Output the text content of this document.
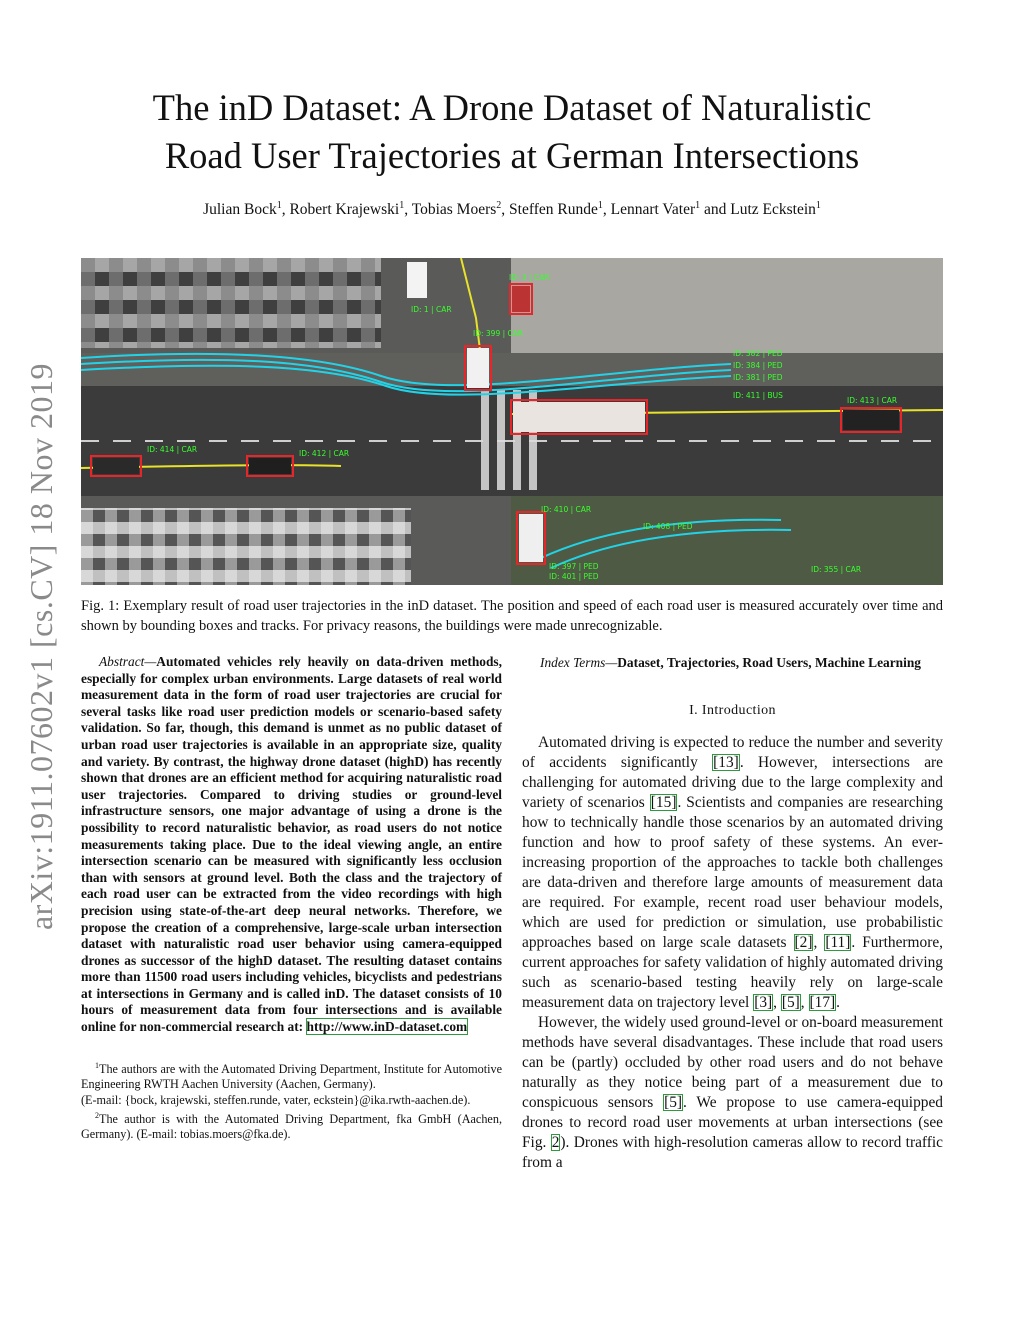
arXiv:1911.07602v1 [cs.CV] 18 Nov 2019
The inD Dataset: A Drone Dataset of Naturalistic
Road User Trajectories at German Intersections
Julian Bock$^1$, Robert Krajewski$^1$, Tobias Moers$^2$, Steffen Runde$^1$, Lennart Vater$^1$ and Lutz Eckstein$^1$
ID: 1 | CAR
ID: 3 | CAR
ID: 399 | CAR
ID: 382 | PED
ID: 384 | PED
ID: 381 | PED
ID: 411 | BUS
ID: 413 | CAR
ID: 414 | CAR	ID: 412 | CAR
ID: 410 | CAR
ID: 408 | PED
ID: 397 | PED
ID: 401 | PED
ID: 355 | CAR
Fig. 1: Exemplary result of road user trajectories in the inD dataset. The position and speed of each road user is measured accurately over time and shown by bounding boxes and tracks. For privacy reasons, the buildings were made unrecognizable.

Abstract—Automated vehicles rely heavily on data-driven methods, especially for complex urban environments. Large datasets of real world measurement data in the form of road user trajectories are crucial for several tasks like road user prediction models or scenario-based safety validation. So far, though, this demand is unmet as no public dataset of urban road user trajectories is available in an appropriate size, quality and variety. By contrast, the highway drone dataset (highD) has recently shown that drones are an efficient method for acquiring naturalistic road user trajectories. Compared to driving studies or ground-level infrastructure sensors, one major advantage of using a drone is the possibility to record naturalistic behavior, as road users do not notice measurements taking place. Due to the ideal viewing angle, an entire intersection scenario can be measured with significantly less occlusion than with sensors at ground level. Both the class and the trajectory of each road user can be extracted from the video recordings with high precision using state-of-the-art deep neural networks. Therefore, we propose the creation of a comprehensive, large-scale urban intersection dataset with naturalistic road user behavior using camera-equipped drones as successor of the highD dataset. The resulting dataset contains more than 11500 road users including vehicles, bicyclists and pedestrians at intersections in Germany and is called inD. The dataset consists of 10 hours of measurement data from four intersections and is available online for non-commercial research at: http://www.inD-dataset.com

$^1$The authors are with the Automated Driving Department, Institute for Automotive Engineering RWTH Aachen University (Aachen, Germany).

(E-mail: {bock, krajewski, steffen.runde, vater, eckstein}@ika.rwth-aachen.de).

$^2$The author is with the Automated Driving Department, fka GmbH (Aachen, Germany). (E-mail: tobias.moers@fka.de).

Index Terms—Dataset, Trajectories, Road Users, Machine Learning

I. Introduction

Automated driving is expected to reduce the number and severity of accidents significantly [13]. However, intersections are challenging for automated driving due to the large complexity and variety of scenarios [15]. Scientists and companies are researching how to technically handle those scenarios by an automated driving function and how to proof safety of these systems. An ever-increasing proportion of the approaches to tackle both challenges are data-driven and therefore large amounts of measurement data are required. For example, recent road user behaviour models, which are used for prediction or simulation, use probabilistic approaches based on large scale datasets [2], [11]. Furthermore, current approaches for safety validation of highly automated driving such as scenario-based testing heavily rely on large-scale measurement data on trajectory level [3], [5], [17].

However, the widely used ground-level or on-board measurement methods have several disadvantages. These include that road users can be (partly) occluded by other road users and do not behave naturally as they notice being part of a measurement due to conspicuous sensors [5]. We propose to use camera-equipped drones to record road user movements at urban intersections (see Fig. 2). Drones with high-resolution cameras allow to record traffic from a
